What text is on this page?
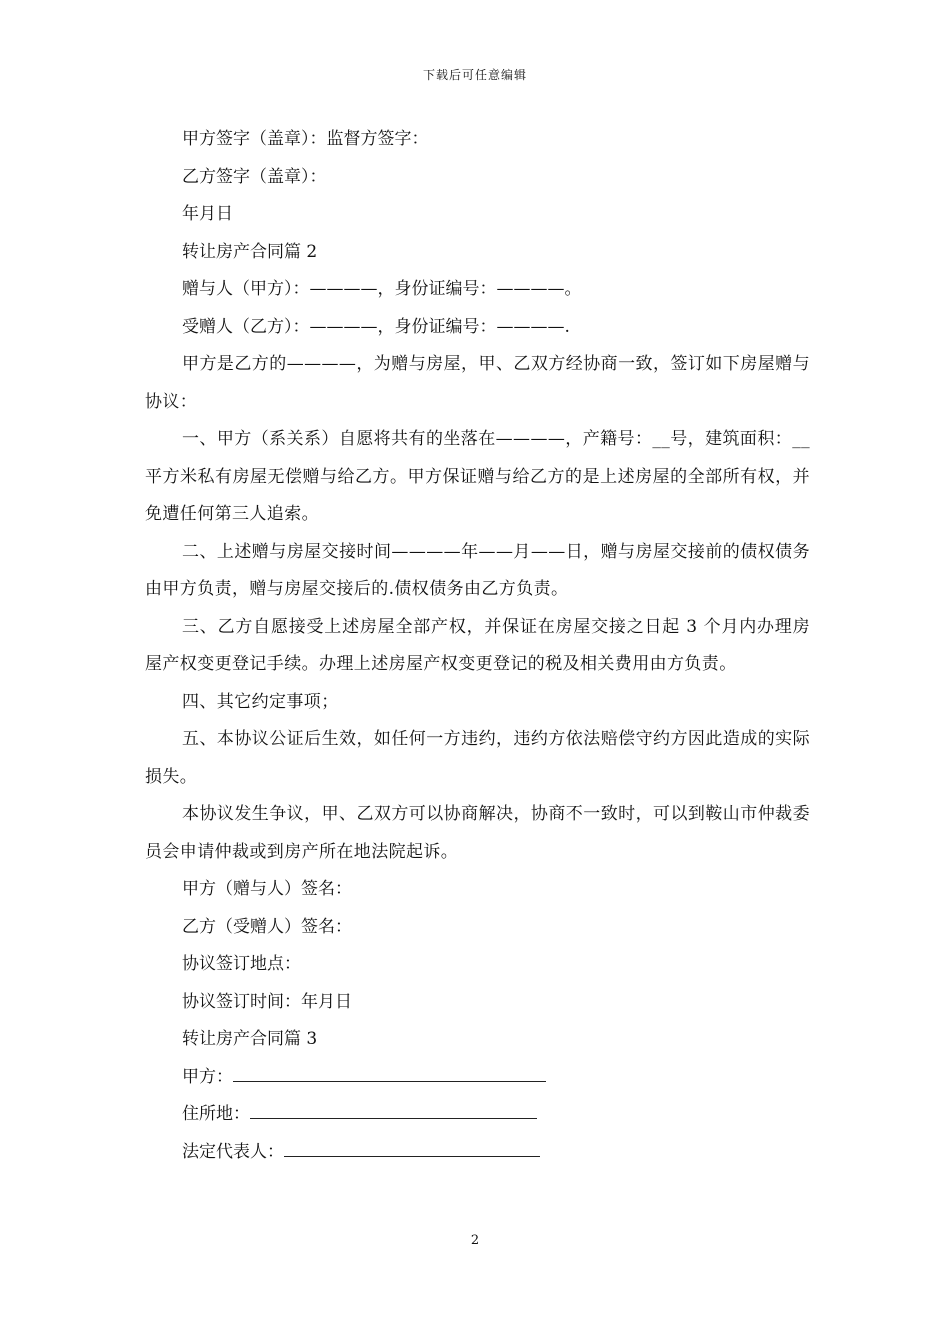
下载后可任意编辑
甲方签字（盖章）：监督方签字：
乙方签字（盖章）：
年月日
转让房产合同篇 2
赠与人（甲方）：————，身份证编号：————。
受赠人（乙方）：————，身份证编号：————.
甲方是乙方的————，为赠与房屋，甲、乙双方经协商一致，签订如下房屋赠与协议：
一、甲方（系关系）自愿将共有的坐落在————，产籍号：__号，建筑面积：__平方米私有房屋无偿赠与给乙方。甲方保证赠与给乙方的是上述房屋的全部所有权，并免遭任何第三人追索。
二、上述赠与房屋交接时间————年——月——日，赠与房屋交接前的债权债务由甲方负责，赠与房屋交接后的.债权债务由乙方负责。
三、乙方自愿接受上述房屋全部产权，并保证在房屋交接之日起 3 个月内办理房屋产权变更登记手续。办理上述房屋产权变更登记的税及相关费用由方负责。
四、其它约定事项；
五、本协议公证后生效，如任何一方违约，违约方依法赔偿守约方因此造成的实际损失。
本协议发生争议，甲、乙双方可以协商解决，协商不一致时，可以到鞍山市仲裁委员会申请仲裁或到房产所在地法院起诉。
甲方（赠与人）签名：
乙方（受赠人）签名：
协议签订地点：
协议签订时间：年月日
转让房产合同篇 3
甲方：
住所地：
法定代表人：
2
